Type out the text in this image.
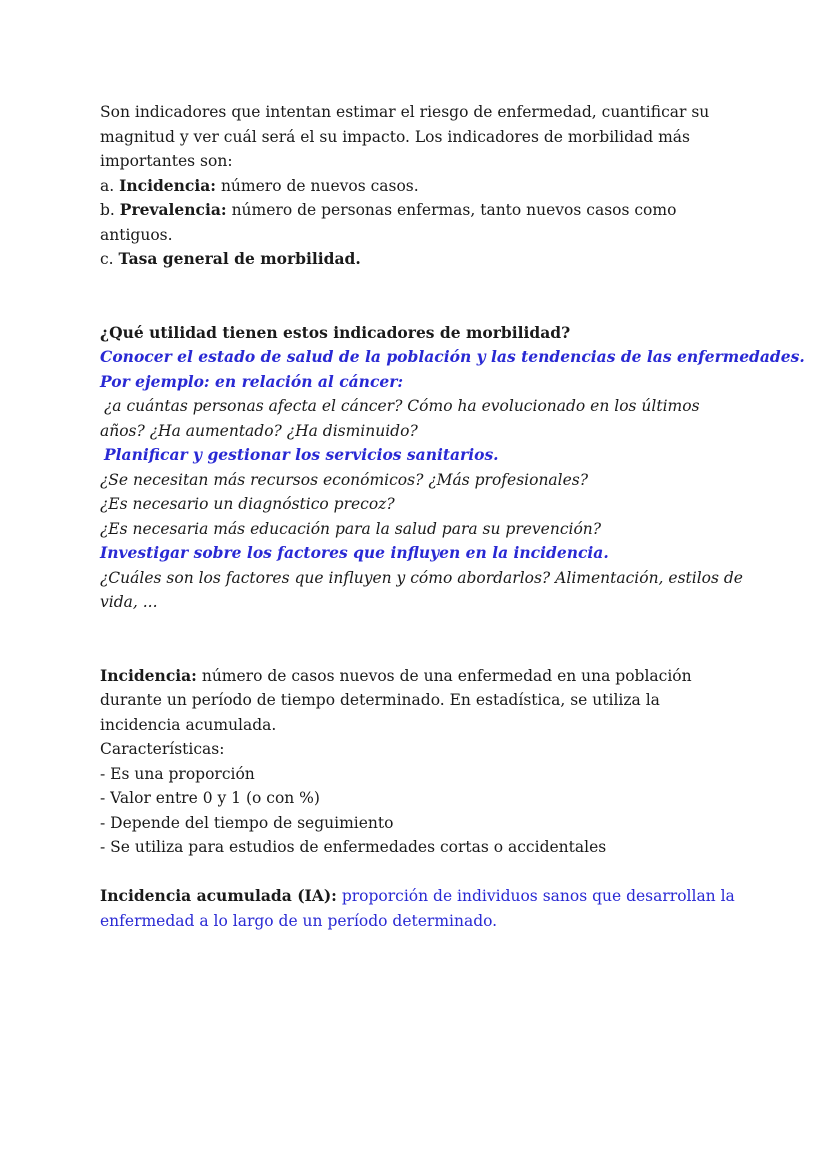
Son indicadores que intentan estimar el riesgo de enfermedad, cuantificar su
magnitud y ver cuál será el su impacto. Los indicadores de morbilidad más
importantes son:
a. Incidencia: número de nuevos casos.
b. Prevalencia: número de personas enfermas, tanto nuevos casos como
antiguos.
c. Tasa general de morbilidad.
¿Qué utilidad tienen estos indicadores de morbilidad?
Conocer el estado de salud de la población y las tendencias de las enfermedades.
Por ejemplo: en relación al cáncer:
¿a cuántas personas afecta el cáncer? Cómo ha evolucionado en los últimos
años? ¿Ha aumentado? ¿Ha disminuido?
Planificar y gestionar los servicios sanitarios.
¿Se necesitan más recursos económicos? ¿Más profesionales?
¿Es necesario un diagnóstico precoz?
¿Es necesaria más educación para la salud para su prevención?
Investigar sobre los factores que influyen en la incidencia.
¿Cuáles son los factores que influyen y cómo abordarlos? Alimentación, estilos de
vida, ...
Incidencia: número de casos nuevos de una enfermedad en una población
durante un período de tiempo determinado. En estadística, se utiliza la
incidencia acumulada.
Características:
- Es una proporción
- Valor entre 0 y 1 (o con %)
- Depende del tiempo de seguimiento
- Se utiliza para estudios de enfermedades cortas o accidentales
Incidencia acumulada (IA): proporción de individuos sanos que desarrollan la
enfermedad a lo largo de un período determinado.
